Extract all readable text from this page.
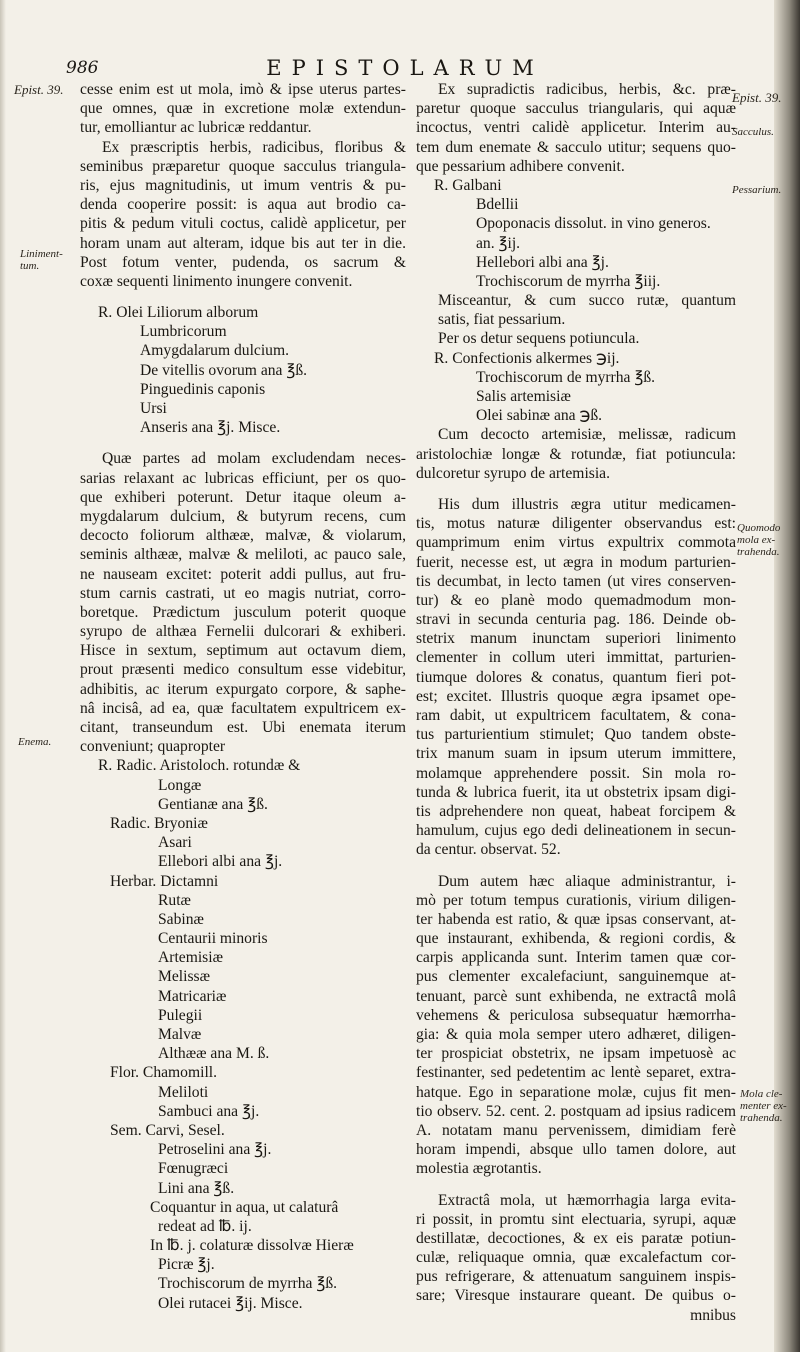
986	EPISTOLARUM
Epist. 39.
Epist. 39.
Sacculus.
Pessarium.
Liniment-
tum.
Enema.
Quomodo
mola ex-
trahenda.
Mola cle-
menter ex-
trahenda.
cesse enim est ut mola, imò & ipse uterus partes-
que omnes, quæ in excretione molæ extendun-
tur, emolliantur ac lubricæ reddantur.
Ex præscriptis herbis, radicibus, floribus &
seminibus præparetur quoque sacculus triangula-
ris, ejus magnitudinis, ut imum ventris & pu-
denda cooperire possit: is aqua aut brodio ca-
pitis & pedum vituli coctus, calidè applicetur, per
horam unam aut alteram, idque bis aut ter in die.
Post fotum venter, pudenda, os sacrum &
coxæ sequenti linimento inungere convenit.
R. Olei Liliorum alborum
Lumbricorum
Amygdalarum dulcium.
De vitellis ovorum ana ℥ß.
Pinguedinis caponis
Ursi
Anseris ana ℥j. Misce.
Quæ partes ad molam excludendam neces-
sarias relaxant ac lubricas efficiunt, per os quo-
que exhiberi poterunt. Detur itaque oleum a-
mygdalarum dulcium, & butyrum recens, cum
decocto foliorum althææ, malvæ, & violarum,
seminis althææ, malvæ & meliloti, ac pauco sale,
ne nauseam excitet: poterit addi pullus, aut fru-
stum carnis castrati, ut eo magis nutriat, corro-
boretque. Prædictum jusculum poterit quoque
syrupo de althæa Fernelii dulcorari & exhiberi.
Hisce in sextum, septimum aut octavum diem,
prout præsenti medico consultum esse videbitur,
adhibitis, ac iterum expurgato corpore, & saphe-
nâ incisâ, ad ea, quæ facultatem expultricem ex-
citant, transeundum est. Ubi enemata iterum
conveniunt; quapropter
R. Radic. Aristoloch. rotundæ &
Longæ
Gentianæ ana ℥ß.
Radic. Bryoniæ
Asari
Ellebori albi ana ℥j.
Herbar. Dictamni
Rutæ
Sabinæ
Centaurii minoris
Artemisiæ
Melissæ
Matricariæ
Pulegii
Malvæ
Althææ ana M. ß.
Flor. Chamomill.
Meliloti
Sambuci ana ℥j.
Sem. Carvi, Sesel.
Petroselini ana ℥j.
Fœnugræci
Lini ana ℥ß.
Coquantur in aqua, ut calaturâ
redeat ad ℔. ij.
In ℔. j. colaturæ dissolvæ Hieræ
Picræ ℥j.
Trochiscorum de myrrha ℥ß.
Olei rutacei ℥ij. Misce.
Ex supradictis radicibus, herbis, &c. præ-
paretur quoque sacculus triangularis, qui aquæ
incoctus, ventri calidè applicetur. Interim au-
tem dum enemate & sacculo utitur; sequens quo-
que pessarium adhibere convenit.
R. Galbani
Bdellii
Opoponacis dissolut. in vino generos.
an. ℥ij.
Hellebori albi ana ℥j.
Trochiscorum de myrrha ℥iij.
Misceantur, & cum succo rutæ, quantum
satis, fiat pessarium.
Per os detur sequens potiuncula.
R. Confectionis alkermes ℈ij.
Trochiscorum de myrrha ℥ß.
Salis artemisiæ
Olei sabinæ ana ℈ß.
Cum decocto artemisiæ, melissæ, radicum
aristolochiæ longæ & rotundæ, fiat potiuncula:
dulcoretur syrupo de artemisia.
His dum illustris ægra utitur medicamen-
tis, motus naturæ diligenter observandus est:
quamprimum enim virtus expultrix commota
fuerit, necesse est, ut ægra in modum parturien-
tis decumbat, in lecto tamen (ut vires conserven-
tur) & eo planè modo quemadmodum mon-
stravi in secunda centuria pag. 186. Deinde ob-
stetrix manum inunctam superiori linimento
clementer in collum uteri immittat, parturien-
tiumque dolores & conatus, quantum fieri pot-
est; excitet. Illustris quoque ægra ipsamet ope-
ram dabit, ut expultricem facultatem, & cona-
tus parturientium stimulet; Quo tandem obste-
trix manum suam in ipsum uterum immittere,
molamque apprehendere possit. Sin mola ro-
tunda & lubrica fuerit, ita ut obstetrix ipsam digi-
tis adprehendere non queat, habeat forcipem &
hamulum, cujus ego dedi delineationem in secun-
da centur. observat. 52.
Dum autem hæc aliaque administrantur, i-
mò per totum tempus curationis, virium diligen-
ter habenda est ratio, & quæ ipsas conservant, at-
que instaurant, exhibenda, & regioni cordis, &
carpis applicanda sunt. Interim tamen quæ cor-
pus clementer excalefaciunt, sanguinemque at-
tenuant, parcè sunt exhibenda, ne extractâ molâ
vehemens & periculosa subsequatur hæmorrha-
gia: & quia mola semper utero adhæret, diligen-
ter prospiciat obstetrix, ne ipsam impetuosè ac
festinanter, sed pedetentim ac lentè separet, extra-
hatque. Ego in separatione molæ, cujus fit men-
tio observ. 52. cent. 2. postquam ad ipsius radicem
A. notatam manu pervenissem, dimidiam ferè
horam impendi, absque ullo tamen dolore, aut
molestia ægrotantis.
Extractâ mola, ut hæmorrhagia larga evita-
ri possit, in promtu sint electuaria, syrupi, aquæ
destillatæ, decoctiones, & ex eis paratæ potiun-
culæ, reliquaque omnia, quæ excalefactum cor-
pus refrigerare, & attenuatum sanguinem inspis-
sare; Viresque instaurare queant. De quibus o-
mnibus
